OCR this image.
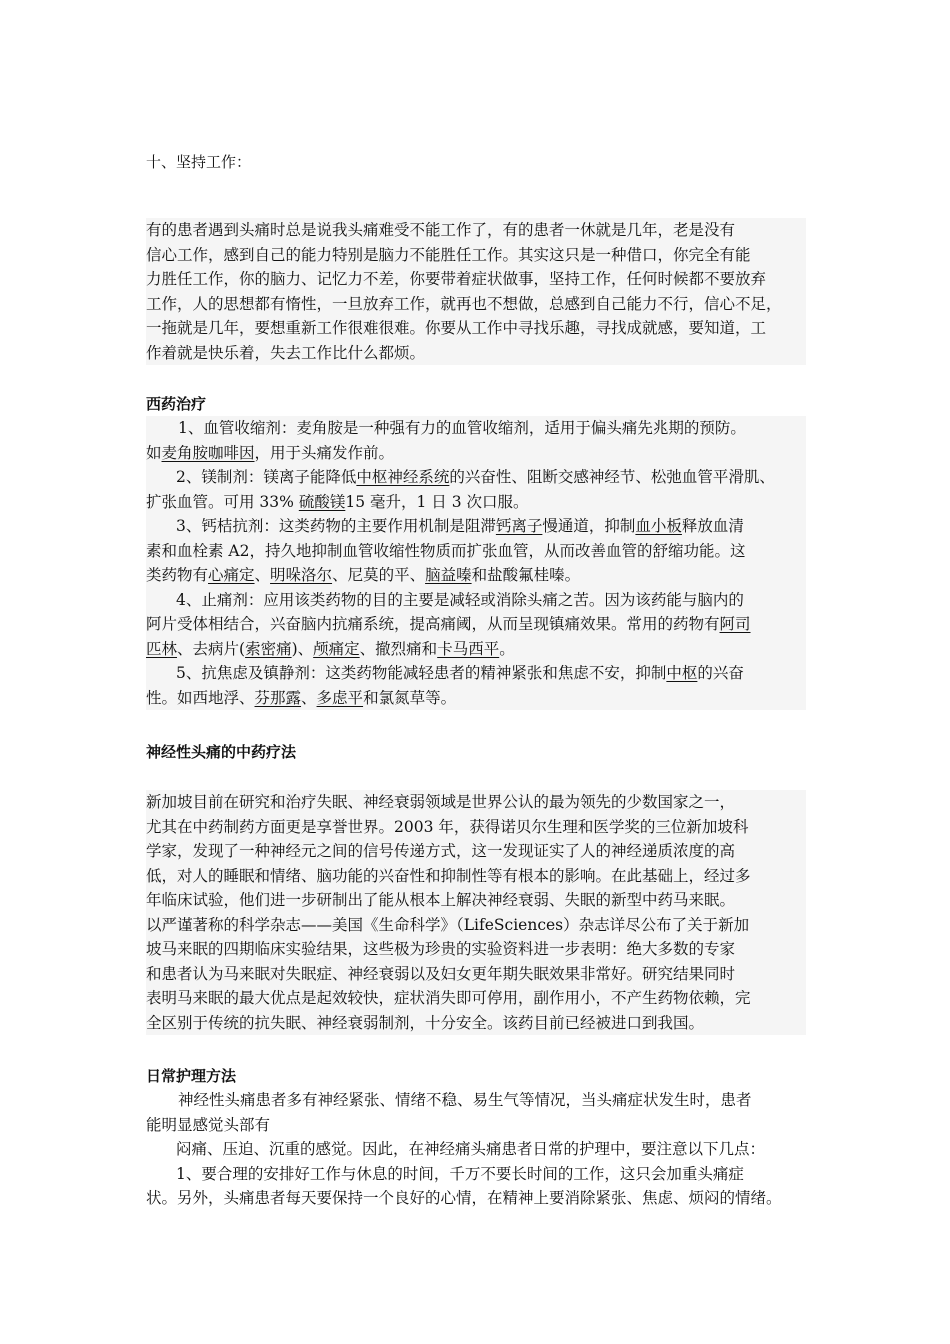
十、坚持工作：
有的患者遇到头痛时总是说我头痛难受不能工作了，有的患者一休就是几年，老是没有
信心工作，感到自己的能力特别是脑力不能胜任工作。其实这只是一种借口，你完全有能
力胜任工作，你的脑力、记忆力不差，你要带着症状做事，坚持工作，任何时候都不要放弃
工作，人的思想都有惰性，一旦放弃工作，就再也不想做，总感到自己能力不行，信心不足，
一拖就是几年，要想重新工作很难很难。你要从工作中寻找乐趣，寻找成就感，要知道，工
作着就是快乐着，失去工作比什么都烦。
西药治疗
1、血管收缩剂：麦角胺是一种强有力的血管收缩剂，适用于偏头痛先兆期的预防。
如麦角胺咖啡因，用于头痛发作前。
2、镁制剂：镁离子能降低中枢神经系统的兴奋性、阻断交感神经节、松弛血管平滑肌、
扩张血管。可用 33% 硫酸镁15 毫升，1 日 3 次口服。
3、钙桔抗剂：这类药物的主要作用机制是阻滞钙离子慢通道，抑制血小板释放血清
素和血栓素 A2，持久地抑制血管收缩性物质而扩张血管，从而改善血管的舒缩功能。这
类药物有心痛定、明哚洛尔、尼莫的平、脑益嗪和盐酸氟桂嗪。
4、止痛剂：应用该类药物的目的主要是减轻或消除头痛之苦。因为该药能与脑内的
阿片受体相结合，兴奋脑内抗痛系统，提高痛阈，从而呈现镇痛效果。常用的药物有阿司
匹林、去病片(索密痛)、颅痛定、撤烈痛和卡马西平。
5、抗焦虑及镇静剂：这类药物能减轻患者的精神紧张和焦虑不安，抑制中枢的兴奋
性。如西地浮、芬那露、多虑平和氯氮草等。
神经性头痛的中药疗法
新加坡目前在研究和治疗失眠、神经衰弱领域是世界公认的最为领先的少数国家之一，
尤其在中药制药方面更是享誉世界。2003 年，获得诺贝尔生理和医学奖的三位新加坡科
学家，发现了一种神经元之间的信号传递方式，这一发现证实了人的神经递质浓度的高
低，对人的睡眠和情绪、脑功能的兴奋性和抑制性等有根本的影响。在此基础上，经过多
年临床试验，他们进一步研制出了能从根本上解决神经衰弱、失眠的新型中药马来眠。
以严谨著称的科学杂志——美国《生命科学》（LifeSciences）杂志详尽公布了关于新加
坡马来眠的四期临床实验结果，这些极为珍贵的实验资料进一步表明：绝大多数的专家
和患者认为马来眠对失眠症、神经衰弱以及妇女更年期失眠效果非常好。研究结果同时
表明马来眠的最大优点是起效较快，症状消失即可停用，副作用小，不产生药物依赖，完
全区别于传统的抗失眠、神经衰弱制剂，十分安全。该药目前已经被进口到我国。
日常护理方法
神经性头痛患者多有神经紧张、情绪不稳、易生气等情况，当头痛症状发生时，患者
能明显感觉头部有
闷痛、压迫、沉重的感觉。因此，在神经痛头痛患者日常的护理中，要注意以下几点：
1、要合理的安排好工作与休息的时间，千万不要长时间的工作，这只会加重头痛症
状。另外，头痛患者每天要保持一个良好的心情，在精神上要消除紧张、焦虑、烦闷的情绪。
